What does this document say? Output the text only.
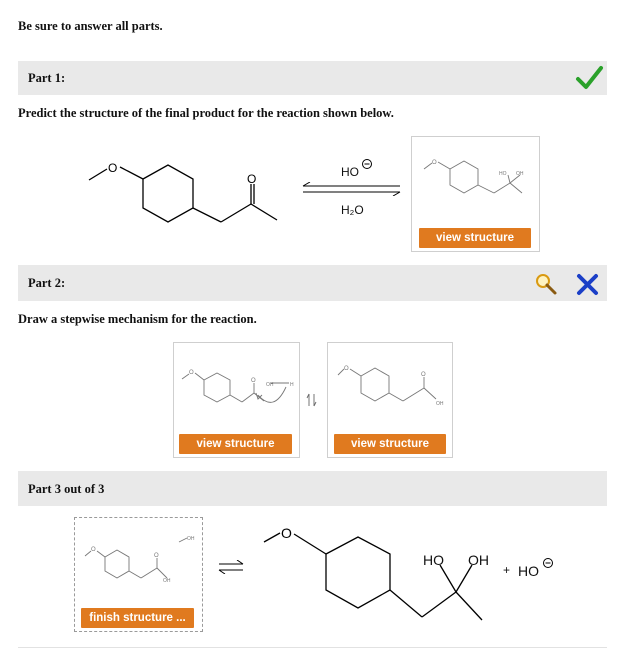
Be sure to answer all parts.
Part 1:
Predict the structure of the final product for the reaction shown below.
O
O	HO
H₂O
O
HO OH
view structure
Part 2:
Draw a stepwise mechanism for the reaction.
O
O
OH	H
view structure
O
O
OH
view structure
Part 3 out of 3
O
O
OH
OH
finish structure ...
O
HO OH
+ HO
